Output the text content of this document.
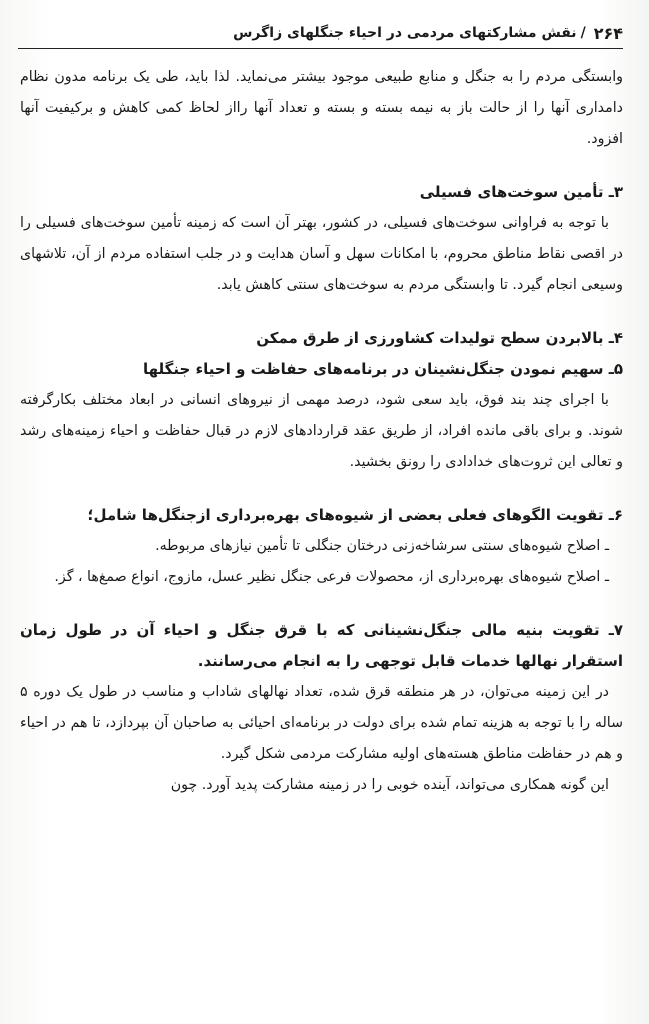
۲۶۴
/
نقش مشارکتهای مردمی در احیاء جنگلهای زاگرس

وابستگی مردم را به جنگل و منابع طبیعی موجود بیشتر می‌نماید. لذا باید، طی یک برنامه مدون نظام دامداری آنها را از حالت باز به نیمه بسته و بسته و تعداد آنها رااز لحاظ کمی کاهش و برکیفیت آنها افزود.

۳ـ تأمین سوخت‌های فسیلی

با توجه به فراوانی سوخت‌های فسیلی، در کشور، بهتر آن است که زمینه تأمین سوخت‌های فسیلی را در اقصی نقاط مناطق محروم، با امکانات سهل و آسان هدایت و در جلب استفاده مردم از آن، تلاشهای وسیعی انجام گیرد. تا وابستگی مردم به سوخت‌های سنتی کاهش یابد.

۴ـ بالابردن سطح تولیدات کشاورزی از طرق ممکن

۵ـ سهیم نمودن جنگل‌نشینان در برنامه‌های حفاظت و احیاء جنگلها

با اجرای چند بند فوق، باید سعی شود، درصد مهمی از نیروهای انسانی در ابعاد مختلف بکارگرفته شوند. و برای باقی مانده افراد، از طریق عقد قراردادهای لازم در قبال حفاظت و احیاء زمینه‌های رشد و تعالی این ثروت‌های خدادادی را رونق بخشید.

۶ـ تقویت الگوهای فعلی بعضی از شیوه‌های بهره‌برداری ازجنگل‌ها شامل؛

ـ اصلاح شیوه‌های سنتی سرشاخه‌زنی درختان جنگلی تا تأمین نیازهای مربوطه.

ـ اصلاح شیوه‌های بهره‌برداری از، محصولات فرعی جنگل نظیر عسل، مازوج، انواع صمغ‌ها ، گز.

۷ـ تقویت بنیه مالی جنگل‌نشینانی که با قرق جنگل و احیاء آن در طول زمان استقرار نهالها خدمات قابل توجهی را به انجام می‌رسانند.

در این زمینه می‌توان، در هر منطقه قرق شده، تعداد نهالهای شاداب و مناسب در طول یک دوره ۵ ساله را با توجه به هزینه تمام شده برای دولت در برنامه‌ای احیائی به صاحبان آن بپردازد، تا هم در احیاء و هم در حفاظت مناطق هسته‌های اولیه مشارکت مردمی شکل گیرد.

این گونه همکاری می‌تواند، آینده خوبی را در زمینه مشارکت پدید آورد. چون
